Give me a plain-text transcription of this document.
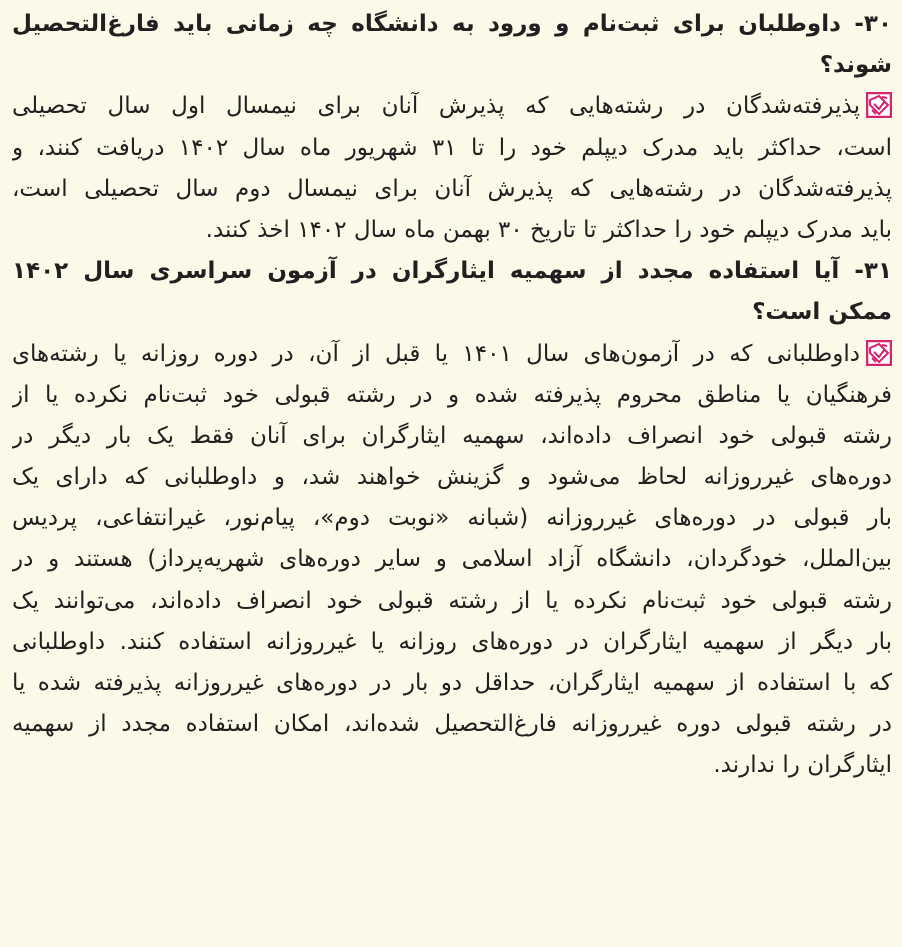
۳۰- داوطلبان برای ثبت‌نام و ورود به دانشگاه چه زمانی باید فارغ‌التحصیل
شوند؟
پذیرفته‌شدگان در رشته‌هایی که پذیرش آنان برای نیمسال اول سال تحصیلی
است، حداکثر باید مدرک دیپلم خود را تا ۳۱ شهریور ماه سال ۱۴۰۲ دریافت کنند، و
پذیرفته‌شدگان در رشته‌هایی که پذیرش آنان برای نیمسال دوم سال تحصیلی است،
باید مدرک دیپلم خود را حداکثر تا تاریخ ۳۰ بهمن ماه سال ۱۴۰۲ اخذ کنند.
۳۱- آیا استفاده مجدد از سهمیه ایثارگران در آزمون سراسری سال ۱۴۰۲
ممکن است؟
داوطلبانی که در آزمون‌های سال ۱۴۰۱ یا قبل از آن، در دوره روزانه یا رشته‌های
فرهنگیان یا مناطق محروم پذیرفته شده و در رشته قبولی خود ثبت‌نام نکرده یا از
رشته قبولی خود انصراف داده‌اند، سهمیه ایثارگران برای آنان فقط یک بار دیگر در
دوره‌های غیرروزانه لحاظ می‌شود و گزینش خواهند شد، و داوطلبانی که دارای یک
بار قبولی در دوره‌های غیرروزانه (شبانه «نوبت دوم»، پیام‌نور، غیرانتفاعی، پردیس
بین‌الملل، خودگردان، دانشگاه آزاد اسلامی و سایر دوره‌های شهریه‌پرداز) هستند و در
رشته قبولی خود ثبت‌نام نکرده یا از رشته قبولی خود انصراف داده‌اند، می‌توانند یک
بار دیگر از سهمیه ایثارگران در دوره‌های روزانه یا غیرروزانه استفاده کنند. داوطلبانی
که با استفاده از سهمیه ایثارگران، حداقل دو بار در دوره‌های غیرروزانه پذیرفته شده یا
در رشته قبولی دوره غیرروزانه فارغ‌التحصیل شده‌اند، امکان استفاده مجدد از سهمیه
ایثارگران را ندارند.
